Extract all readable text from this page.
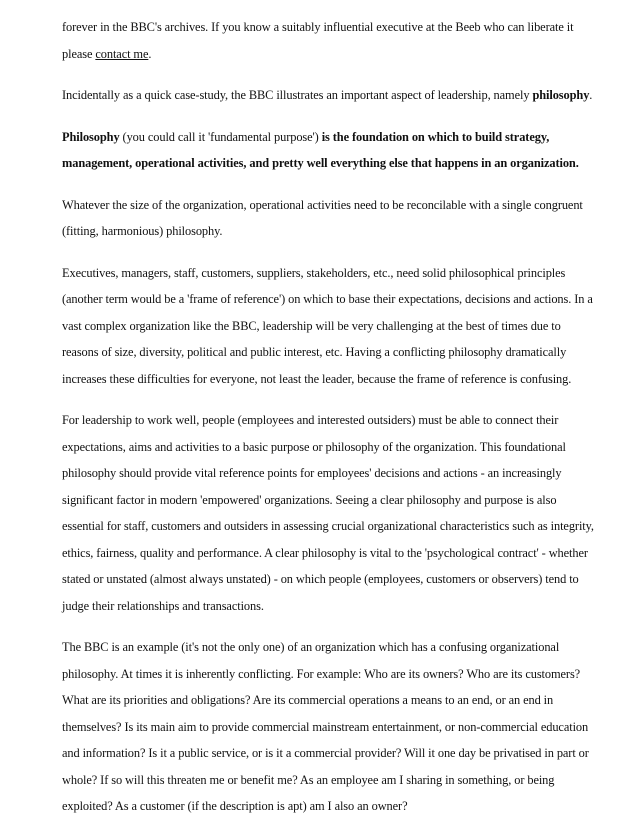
forever in the BBC's archives. If you know a suitably influential executive at the Beeb who can liberate it please contact me.

Incidentally as a quick case-study, the BBC illustrates an important aspect of leadership, namely philosophy.

Philosophy (you could call it 'fundamental purpose') is the foundation on which to build strategy, management, operational activities, and pretty well everything else that happens in an organization.

Whatever the size of the organization, operational activities need to be reconcilable with a single congruent (fitting, harmonious) philosophy.

Executives, managers, staff, customers, suppliers, stakeholders, etc., need solid philosophical principles (another term would be a 'frame of reference') on which to base their expectations, decisions and actions. In a vast complex organization like the BBC, leadership will be very challenging at the best of times due to reasons of size, diversity, political and public interest, etc. Having a conflicting philosophy dramatically increases these difficulties for everyone, not least the leader, because the frame of reference is confusing.

For leadership to work well, people (employees and interested outsiders) must be able to connect their expectations, aims and activities to a basic purpose or philosophy of the organization. This foundational philosophy should provide vital reference points for employees' decisions and actions - an increasingly significant factor in modern 'empowered' organizations. Seeing a clear philosophy and purpose is also essential for staff, customers and outsiders in assessing crucial organizational characteristics such as integrity, ethics, fairness, quality and performance. A clear philosophy is vital to the 'psychological contract' - whether stated or unstated (almost always unstated) - on which people (employees, customers or observers) tend to judge their relationships and transactions.

The BBC is an example (it's not the only one) of an organization which has a confusing organizational philosophy. At times it is inherently conflicting. For example: Who are its owners? Who are its customers? What are its priorities and obligations? Are its commercial operations a means to an end, or an end in themselves? Is its main aim to provide commercial mainstream entertainment, or non-commercial education and information? Is it a public service, or is it a commercial provider? Will it one day be privatised in part or whole? If so will this threaten me or benefit me? As an employee am I sharing in something, or being exploited? As a customer (if the description is apt) am I also an owner?
